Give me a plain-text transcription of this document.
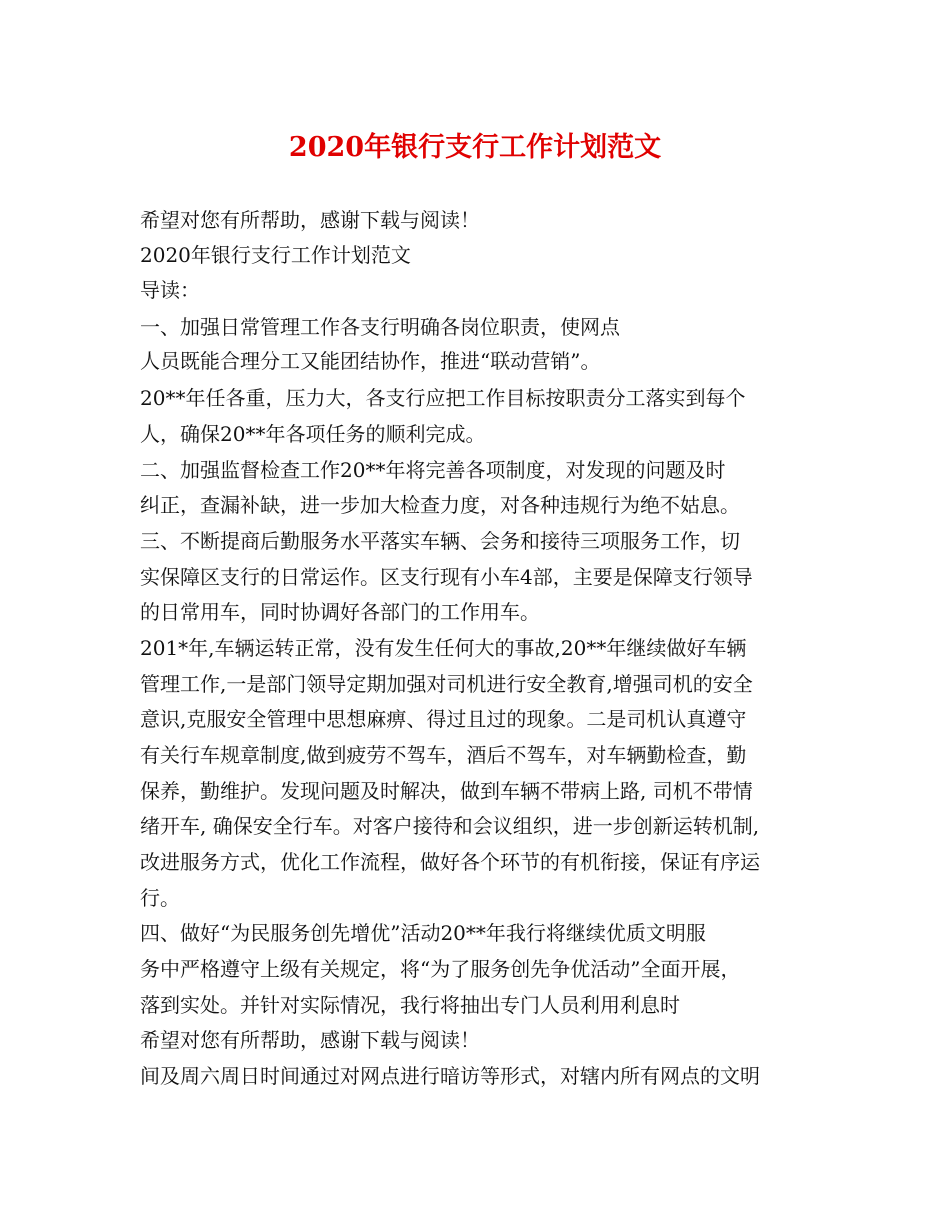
2020年银行支行工作计划范文
希望对您有所帮助，感谢下载与阅读！
2020年银行支行工作计划范文
导读：
一、加强日常管理工作各支行明确各岗位职责，使网点
人员既能合理分工又能团结协作，推进“联动营销”。
20**年任各重，压力大，各支行应把工作目标按职责分工落实到每个
人，确保20**年各项任务的顺利完成。
二、加强监督检查工作20**年将完善各项制度，对发现的问题及时
纠正，查漏补缺，进一步加大检查力度，对各种违规行为绝不姑息。
三、不断提商后勤服务水平落实车辆、会务和接待三项服务工作，切
实保障区支行的日常运作。区支行现有小车4部，主要是保障支行领导
的日常用车，同时协调好各部门的工作用车。
201*年,车辆运转正常，没有发生任何大的事故,20**年继续做好车辆
管理工作,一是部门领导定期加强对司机进行安全教育,增强司机的安全
意识,克服安全管理中思想麻痹、得过且过的现象。二是司机认真遵守
有关行车规章制度,做到疲劳不驾车，酒后不驾车，对车辆勤检查，勤
保养，勤维护。发现问题及时解决，做到车辆不带病上路, 司机不带情
绪开车, 确保安全行车。对客户接待和会议组织，进一步创新运转机制,
改进服务方式，优化工作流程，做好各个环节的有机衔接，保证有序运
行。
四、做好“为民服务创先增优”活动20**年我行将继续优质文明服
务中严格遵守上级有关规定，将“为了服务创先争优活动”全面开展，
落到实处。并针对实际情况，我行将抽出专门人员利用利息时
希望对您有所帮助，感谢下载与阅读！
间及周六周日时间通过对网点进行暗访等形式，对辖内所有网点的文明
